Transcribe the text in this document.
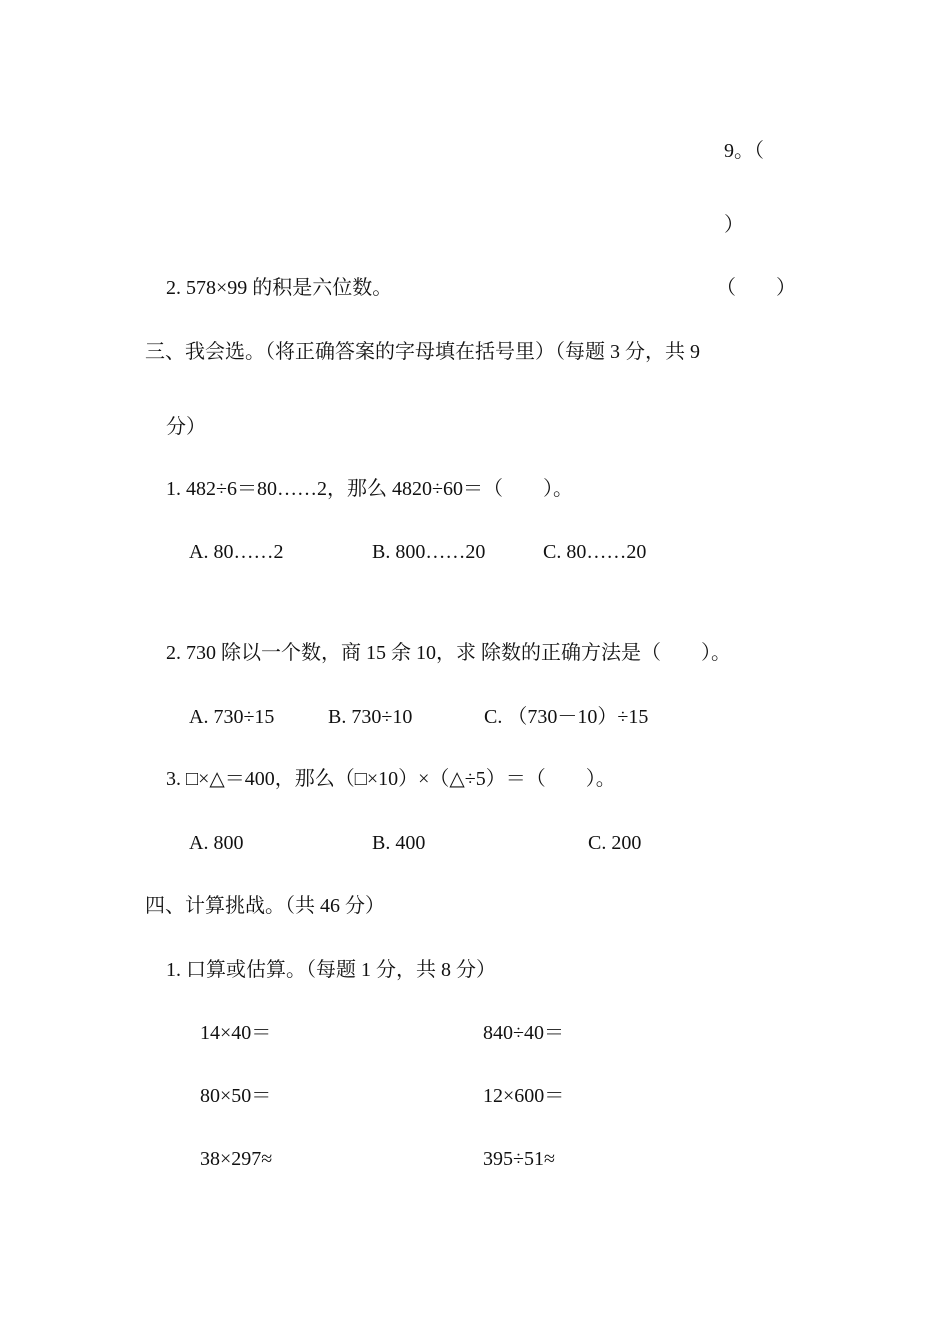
9。（
）
2. 578×99 的积是六位数。	（　　）
三、我会选。（将正确答案的字母填在括号里）（每题 3 分，共 9
分）
1. 482÷6＝80……2，那么 4820÷60＝（　　）。
A. 80……2	B. 800……20	C. 80……20
2. 730 除以一个数，商 15 余 10，求 除数的正确方法是（　　）。
A. 730÷15	B. 730÷10	C. （730－10）÷15
3. □×△＝400，那么（□×10）×（△÷5）＝（　　）。
A. 800	B. 400	C. 200
四、计算挑战。（共 46 分）
1. 口算或估算。（每题 1 分，共 8 分）
14×40＝	840÷40＝
80×50＝	12×600＝
38×297≈	395÷51≈
